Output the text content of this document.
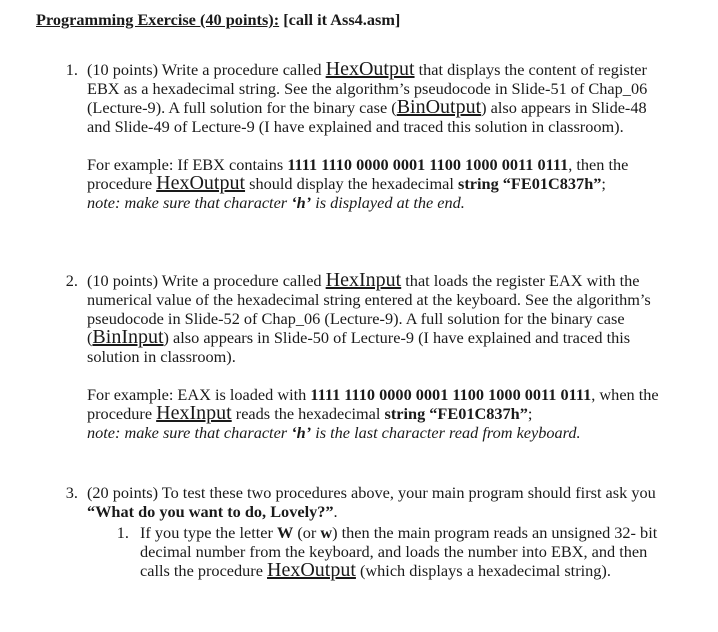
Programming Exercise (40 points): [call it Ass4.asm]
1. (10 points) Write a procedure called HexOutput that displays the content of register EBX as a hexadecimal string. See the algorithm’s pseudocode in Slide-51 of Chap_06 (Lecture-9). A full solution for the binary case (BinOutput) also appears in Slide-48 and Slide-49 of Lecture-9 (I have explained and traced this solution in classroom).

For example: If EBX contains 1111 1110 0000 0001 1100 1000 0011 0111, then the procedure HexOutput should display the hexadecimal string “FE01C837h”;
note: make sure that character ‘h’ is displayed at the end.

2. (10 points) Write a procedure called HexInput that loads the register EAX with the numerical value of the hexadecimal string entered at the keyboard. See the algorithm’s pseudocode in Slide-52 of Chap_06 (Lecture-9). A full solution for the binary case (BinInput) also appears in Slide-50 of Lecture-9 (I have explained and traced this solution in classroom).

For example: EAX is loaded with 1111 1110 0000 0001 1100 1000 0011 0111, when the procedure HexInput reads the hexadecimal string “FE01C837h”;
note: make sure that character ‘h’ is the last character read from keyboard.

3. (20 points) To test these two procedures above, your main program should first ask you “What do you want to do, Lovely?”.

1. If you type the letter W (or w) then the main program reads an unsigned 32- bit decimal number from the keyboard, and loads the number into EBX, and then calls the procedure HexOutput (which displays a hexadecimal string).
